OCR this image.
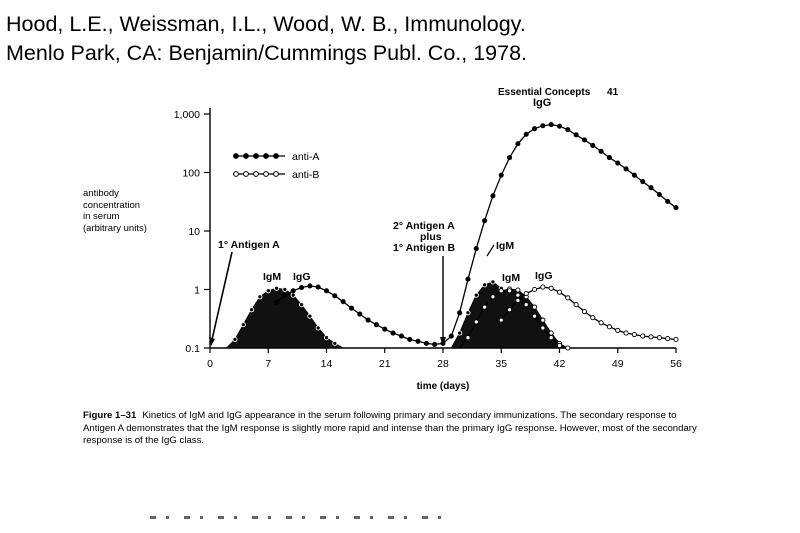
Hood, L.E., Weissman, I.L., Wood, W. B., Immunology.
Menlo Park, CA: Benjamin/Cummings Publ. Co., 1978.
Essential Concepts 41
antibody
concentration
in serum
(arbitrary units)
0	7	14	21	28	35	42	49	56
0.1
1
10
100
1,000
time (days)
anti-A
anti-B
1° Antigen A
2° Antigen A
plus
1° Antigen B
IgM IgG
IgM
IgM IgG
IgG
Figure 1–31 Kinetics of IgM and IgG appearance in the serum following primary and secondary immunizations. The secondary response to Antigen A demonstrates that the IgM response is slightly more rapid and intense than the primary IgG response. However, most of the secondary response is of the IgG class.
